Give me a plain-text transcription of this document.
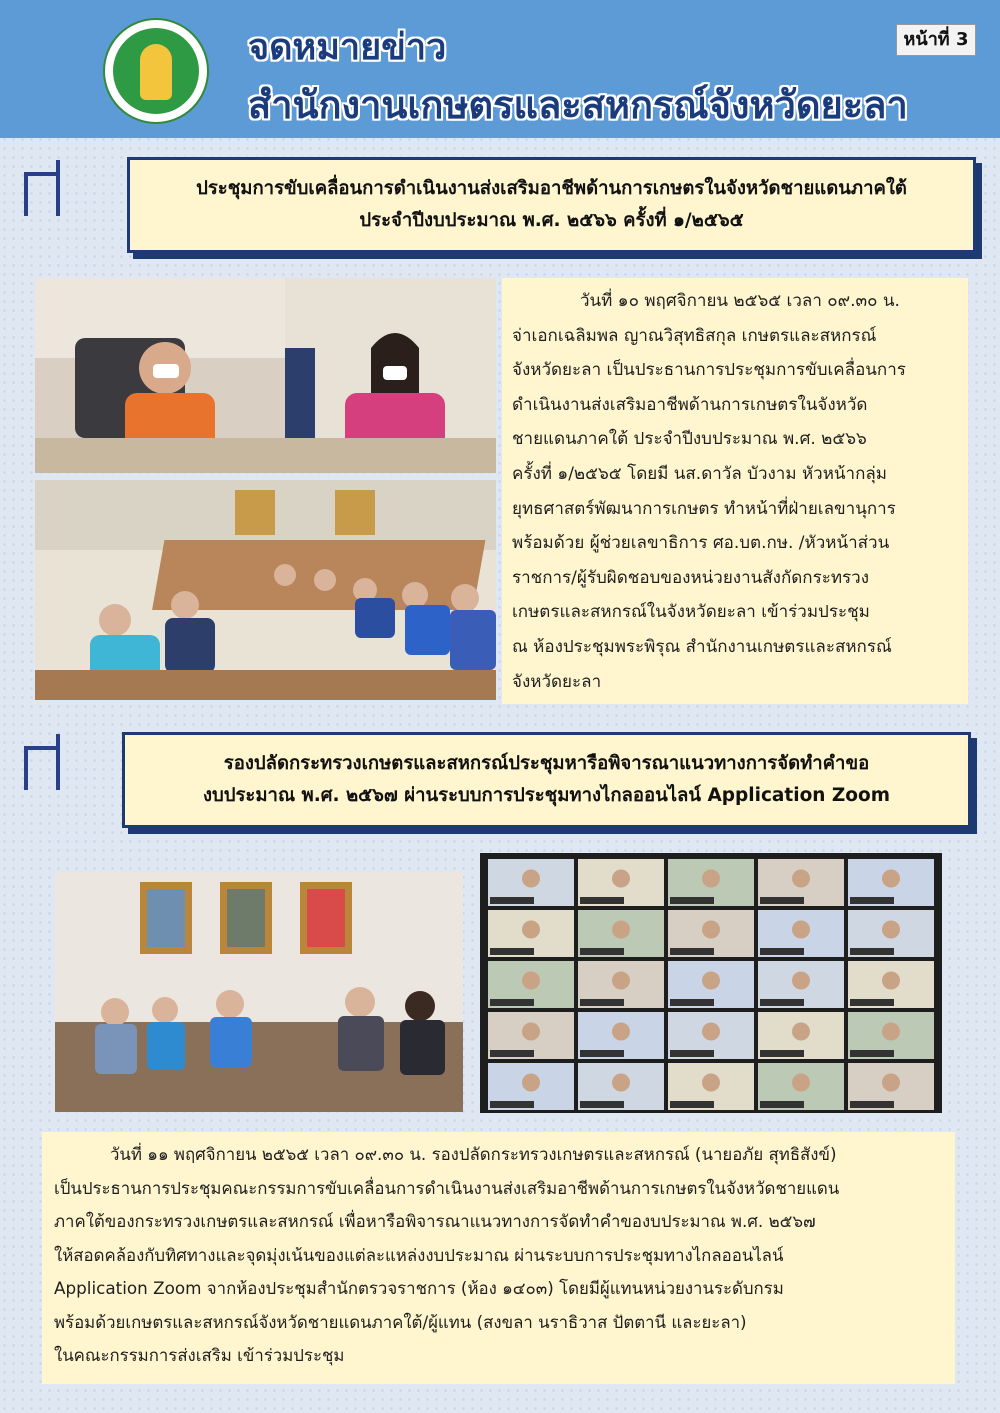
จดหมายข่าว
สำนักงานเกษตรและสหกรณ์จังหวัดยะลา
หน้าที่ 3
ประชุมการขับเคลื่อนการดำเนินงานส่งเสริมอาชีพด้านการเกษตรในจังหวัดชายแดนภาคใต้
ประจำปีงบประมาณ พ.ศ. ๒๕๖๖ ครั้งที่ ๑/๒๕๖๕

วันที่ ๑๐ พฤศจิกายน ๒๕๖๕ เวลา ๐๙.๓๐ น.

จ่าเอกเฉลิมพล ญาณวิสุทธิสกุล เกษตรและสหกรณ์

จังหวัดยะลา เป็นประธานการประชุมการขับเคลื่อนการ

ดำเนินงานส่งเสริมอาชีพด้านการเกษตรในจังหวัด

ชายแดนภาคใต้ ประจำปีงบประมาณ พ.ศ. ๒๕๖๖

ครั้งที่ ๑/๒๕๖๕ โดยมี นส.ดาวัล บัวงาม หัวหน้ากลุ่ม

ยุทธศาสตร์พัฒนาการเกษตร ทำหน้าที่ฝ่ายเลขานุการ

พร้อมด้วย ผู้ช่วยเลขาธิการ ศอ.บต.กษ. /หัวหน้าส่วน

ราชการ/ผู้รับผิดชอบของหน่วยงานสังกัดกระทรวง

เกษตรและสหกรณ์ในจังหวัดยะลา เข้าร่วมประชุม

ณ ห้องประชุมพระพิรุณ สำนักงานเกษตรและสหกรณ์

จังหวัดยะลา

รองปลัดกระทรวงเกษตรและสหกรณ์ประชุมหารือพิจารณาแนวทางการจัดทำคำขอ
งบประมาณ พ.ศ. ๒๕๖๗ ผ่านระบบการประชุมทางไกลออนไลน์ Application Zoom

วันที่ ๑๑ พฤศจิกายน ๒๕๖๕ เวลา ๐๙.๓๐ น. รองปลัดกระทรวงเกษตรและสหกรณ์ (นายอภัย สุทธิสังข์)

เป็นประธานการประชุมคณะกรรมการขับเคลื่อนการดำเนินงานส่งเสริมอาชีพด้านการเกษตรในจังหวัดชายแดน

ภาคใต้ของกระทรวงเกษตรและสหกรณ์ เพื่อหารือพิจารณาแนวทางการจัดทำคำของบประมาณ พ.ศ. ๒๕๖๗

ให้สอดคล้องกับทิศทางและจุดมุ่งเน้นของแต่ละแหล่งงบประมาณ ผ่านระบบการประชุมทางไกลออนไลน์

Application Zoom จากห้องประชุมสำนักตรวจราชการ (ห้อง ๑๔๐๓) โดยมีผู้แทนหน่วยงานระดับกรม

พร้อมด้วยเกษตรและสหกรณ์จังหวัดชายแดนภาคใต้/ผู้แทน (สงขลา นราธิวาส ปัตตานี และยะลา)

ในคณะกรรมการส่งเสริม เข้าร่วมประชุม
